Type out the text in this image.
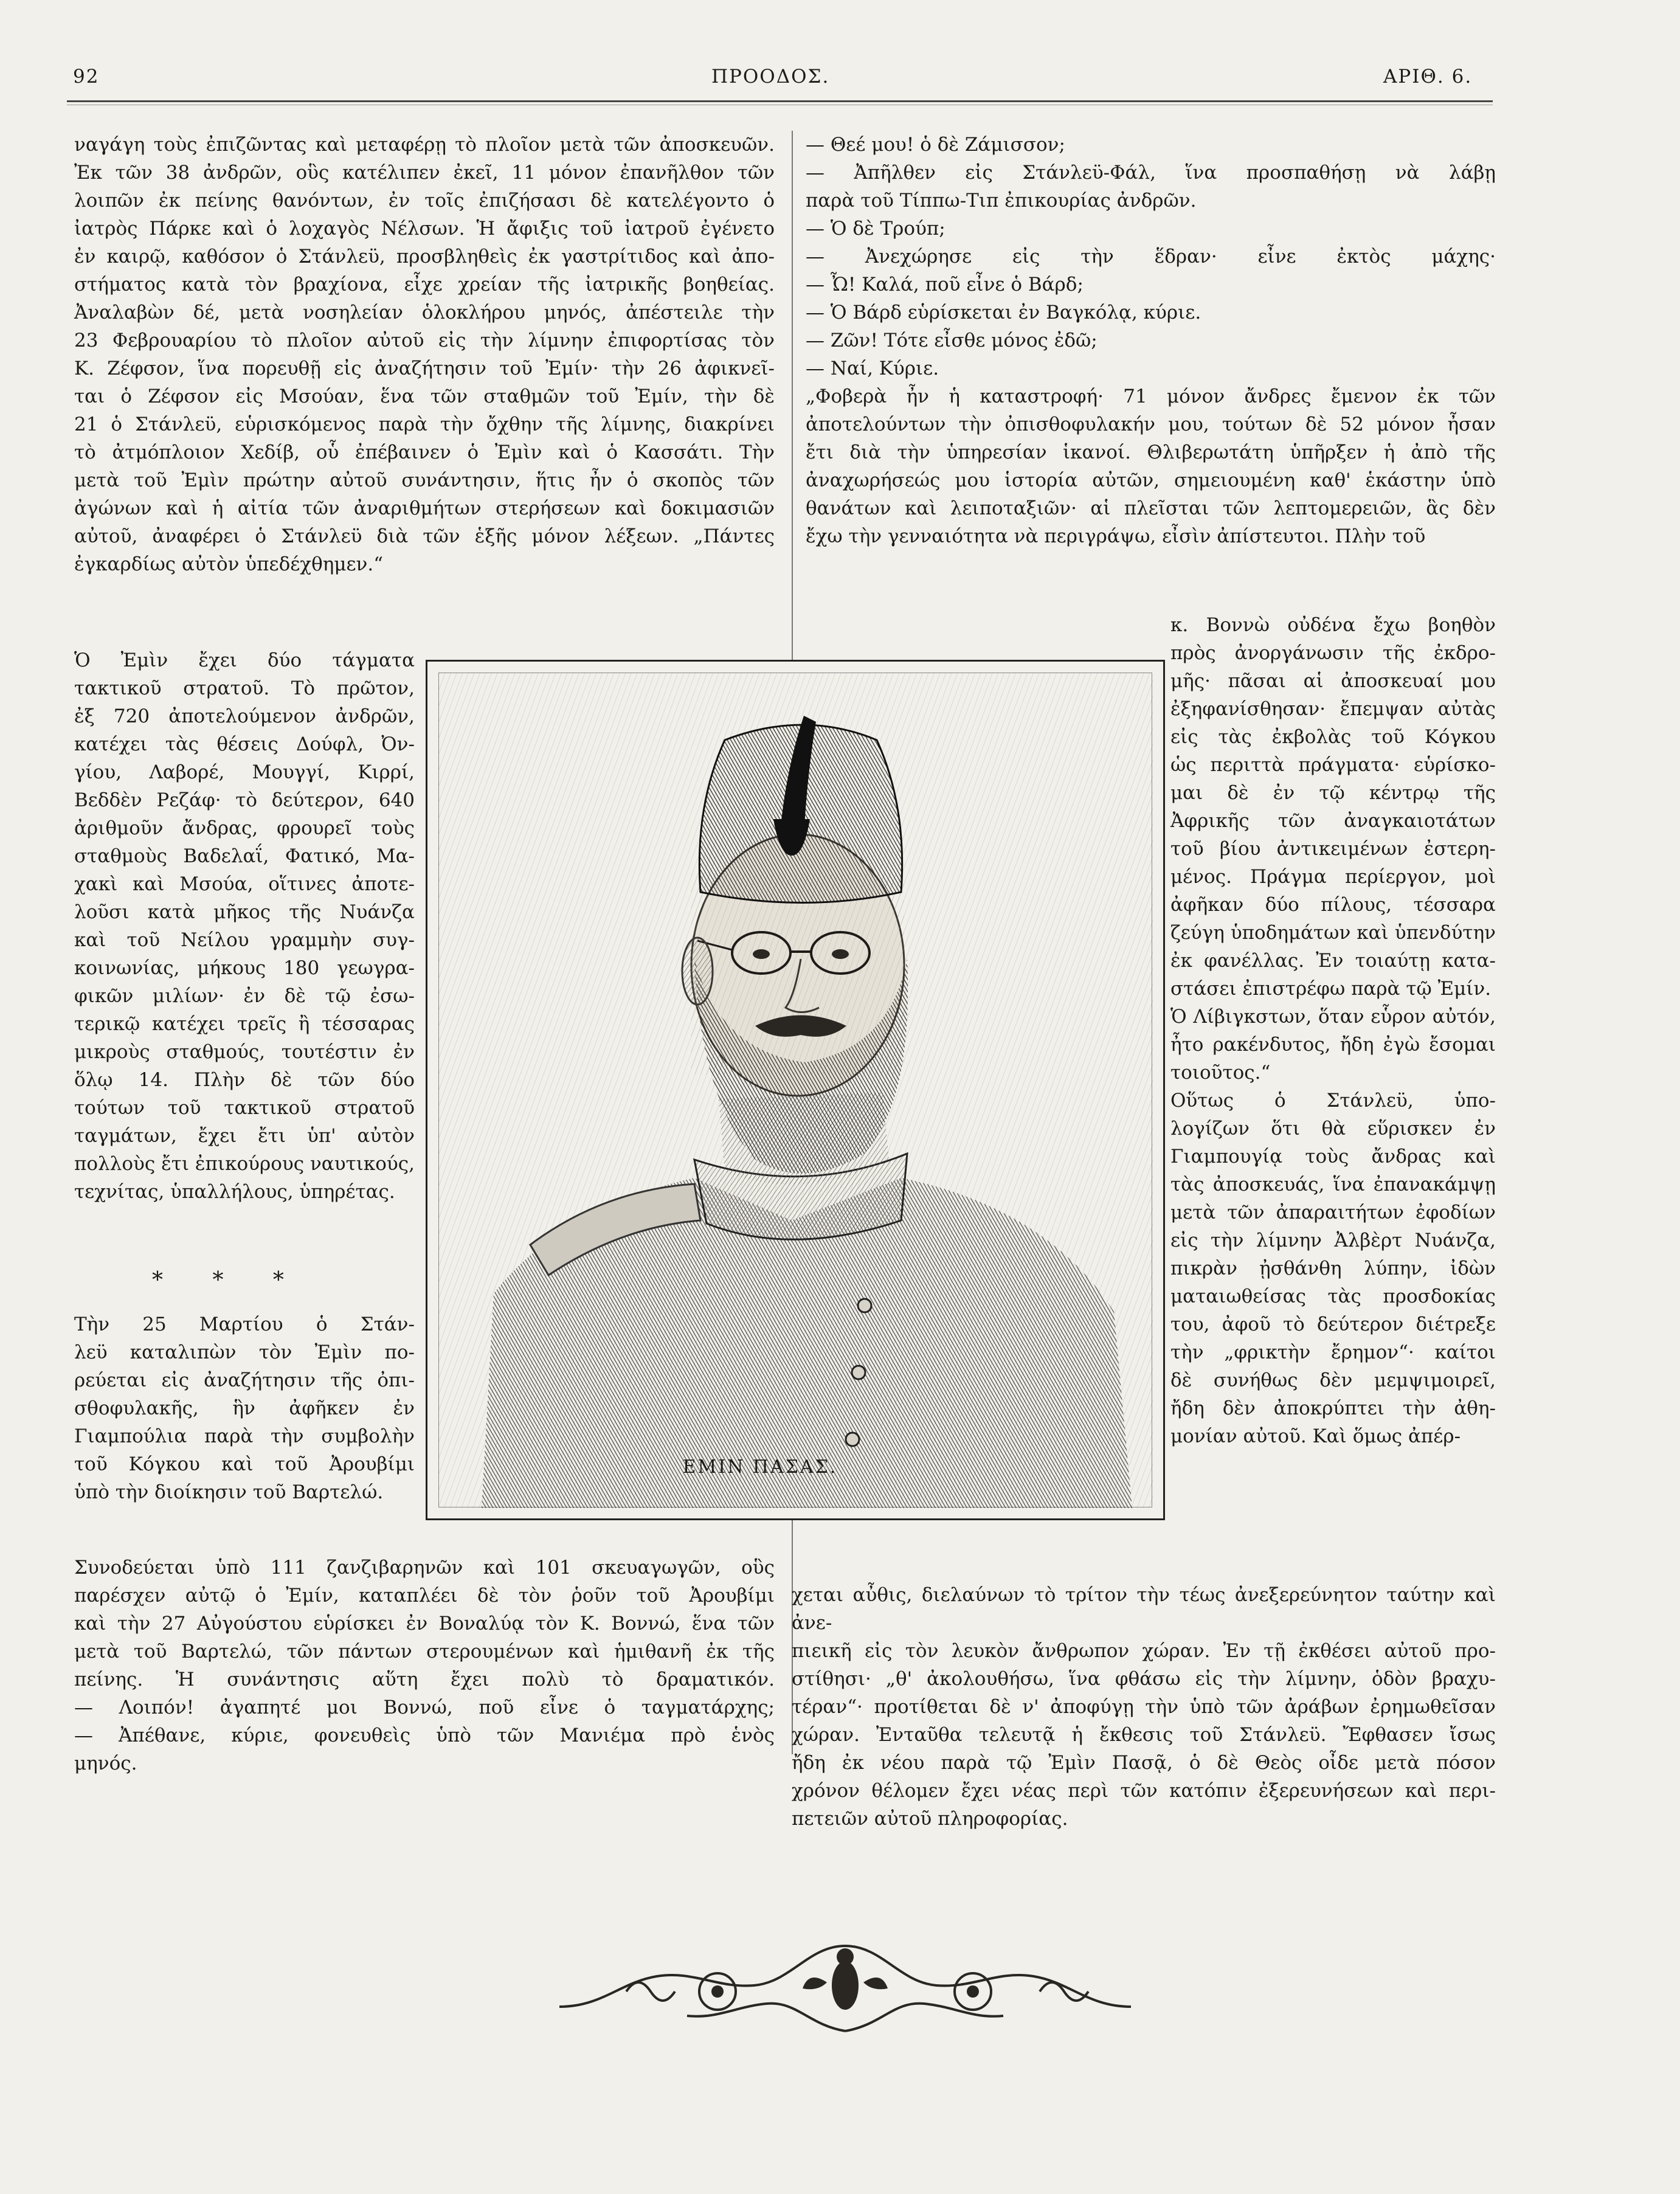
92	ΠΡΟΟΔΟΣ.	ΑΡΙΘ. 6.

ναγάγη τοὺς ἐπιζῶντας καὶ μεταφέρῃ τὸ πλοῖον μετὰ τῶν ἀποσκευῶν.

Ἐκ τῶν 38 ἀνδρῶν, οὓς κατέλιπεν ἐκεῖ, 11 μόνον ἐπανῆλθον τῶν

λοιπῶν ἐκ πείνης θανόντων, ἐν τοῖς ἐπιζήσασι δὲ κατελέγοντο ὁ

ἰατρὸς Πάρκε καὶ ὁ λοχαγὸς Νέλσων. Ἡ ἄφιξις τοῦ ἰατροῦ ἐγένετο

ἐν καιρῷ, καθόσον ὁ Στάνλεϋ, προσβληθεὶς ἐκ γαστρίτιδος καὶ ἀπο-

στήματος κατὰ τὸν βραχίονα, εἶχε χρείαν τῆς ἰατρικῆς βοηθείας.

Ἀναλαβὼν δέ, μετὰ νοσηλείαν ὁλοκλήρου μηνός, ἀπέστειλε τὴν

23 Φεβρουαρίου τὸ πλοῖον αὐτοῦ εἰς τὴν λίμνην ἐπιφορτίσας τὸν

Κ. Ζέφσον, ἵνα πορευθῇ εἰς ἀναζήτησιν τοῦ Ἐμίν· τὴν 26 ἀφικνεῖ-

ται ὁ Ζέφσον εἰς Μσούαν, ἕνα τῶν σταθμῶν τοῦ Ἐμίν, τὴν δὲ

21 ὁ Στάνλεϋ, εὑρισκόμενος παρὰ τὴν ὄχθην τῆς λίμνης, διακρίνει

τὸ ἀτμόπλοιον Χεδίβ, οὗ ἐπέβαινεν ὁ Ἐμὶν καὶ ὁ Κασσάτι. Τὴν

μετὰ τοῦ Ἐμὶν πρώτην αὐτοῦ συνάντησιν, ἥτις ἦν ὁ σκοπὸς τῶν

ἀγώνων καὶ ἡ αἰτία τῶν ἀναριθμήτων στερήσεων καὶ δοκιμασιῶν

αὐτοῦ, ἀναφέρει ὁ Στάνλεϋ διὰ τῶν ἑξῆς μόνον λέξεων. „Πάντες

ἐγκαρδίως αὐτὸν ὑπεδέχθημεν.“

Ὁ Ἐμὶν ἔχει δύο τάγματα

τακτικοῦ στρατοῦ. Τὸ πρῶτον,

ἐξ 720 ἀποτελούμενον ἀνδρῶν,

κατέχει τὰς θέσεις Δούφλ, Ὀν-

γίου, Λαβορέ, Μουγγί, Κιρρί,

Βεδδὲν Ρεζάφ· τὸ δεύτερον, 640

ἀριθμοῦν ἄνδρας, φρουρεῖ τοὺς

σταθμοὺς Βαδελαΐ, Φατικό, Μα-

χακὶ καὶ Μσούα, οἵτινες ἀποτε-

λοῦσι κατὰ μῆκος τῆς Νυάνζα

καὶ τοῦ Νείλου γραμμὴν συγ-

κοινωνίας, μήκους 180 γεωγρα-

φικῶν μιλίων· ἐν δὲ τῷ ἐσω-

τερικῷ κατέχει τρεῖς ἢ τέσσαρας

μικροὺς σταθμούς, τουτέστιν ἐν

ὅλῳ 14. Πλὴν δὲ τῶν δύο

τούτων τοῦ τακτικοῦ στρατοῦ

ταγμάτων, ἔχει ἔτι ὑπ' αὐτὸν

πολλοὺς ἔτι ἐπικούρους ναυτικούς,

τεχνίτας, ὑπαλλήλους, ὑπηρέτας.

* * *

Τὴν 25 Μαρτίου ὁ Στάν-

λεϋ καταλιπὼν τὸν Ἐμὶν πο-

ρεύεται εἰς ἀναζήτησιν τῆς ὀπι-

σθοφυλακῆς, ἣν ἀφῆκεν ἐν

Γιαμπούλια παρὰ τὴν συμβολὴν

τοῦ Κόγκου καὶ τοῦ Ἀρουβίμι

ὑπὸ τὴν διοίκησιν τοῦ Βαρτελώ.

Συνοδεύεται ὑπὸ 111 ζανζιβαρηνῶν καὶ 101 σκευαγωγῶν, οὓς

παρέσχεν αὐτῷ ὁ Ἐμίν, καταπλέει δὲ τὸν ῥοῦν τοῦ Ἀρουβίμι

καὶ τὴν 27 Αὐγούστου εὑρίσκει ἐν Βοναλύᾳ τὸν Κ. Βοννώ, ἕνα τῶν

μετὰ τοῦ Βαρτελώ, τῶν πάντων στερουμένων καὶ ἡμιθανῆ ἐκ τῆς

πείνης. Ἡ συνάντησις αὕτη ἔχει πολὺ τὸ δραματικόν.

— Λοιπόν! ἀγαπητέ μοι Βοννώ, ποῦ εἶνε ὁ ταγματάρχης;

— Ἀπέθανε, κύριε, φονευθεὶς ὑπὸ τῶν Μανιέμα πρὸ ἑνὸς

μηνός.

— Θεέ μου! ὁ δὲ Ζάμισσον;

— Ἀπῆλθεν εἰς Στάνλεϋ-Φάλ, ἵνα προσπαθήσῃ νὰ λάβῃ

παρὰ τοῦ Τίππω-Τιπ ἐπικουρίας ἀνδρῶν.

— Ὁ δὲ Τρούπ;

— Ἀνεχώρησε εἰς τὴν ἕδραν· εἶνε ἐκτὸς μάχης·

— Ὦ! Καλά, ποῦ εἶνε ὁ Βάρδ;

— Ὁ Βάρδ εὑρίσκεται ἐν Βαγκόλᾳ, κύριε.

— Ζῶν! Τότε εἶσθε μόνος ἐδῶ;

— Ναί, Κύριε.

„Φοβερὰ ἦν ἡ καταστροφή· 71 μόνον ἄνδρες ἔμενον ἐκ τῶν

ἀποτελούντων τὴν ὀπισθοφυλακήν μου, τούτων δὲ 52 μόνον ἦσαν

ἔτι διὰ τὴν ὑπηρεσίαν ἱκανοί. Θλιβερωτάτη ὑπῆρξεν ἡ ἀπὸ τῆς

ἀναχωρήσεώς μου ἱστορία αὐτῶν, σημειουμένη καθ' ἑκάστην ὑπὸ

θανάτων καὶ λειποταξιῶν· αἱ πλεῖσται τῶν λεπτομερειῶν, ἃς δὲν

ἔχω τὴν γενναιότητα νὰ περιγράψω, εἶσὶν ἀπίστευτοι. Πλὴν τοῦ

κ. Βοννὼ οὐδένα ἔχω βοηθὸν

πρὸς ἀνοργάνωσιν τῆς ἐκδρο-

μῆς· πᾶσαι αἱ ἀποσκευαί μου

ἐξηφανίσθησαν· ἔπεμψαν αὐτὰς

εἰς τὰς ἐκβολὰς τοῦ Κόγκου

ὡς περιττὰ πράγματα· εὑρίσκο-

μαι δὲ ἐν τῷ κέντρῳ τῆς

Ἀφρικῆς τῶν ἀναγκαιοτάτων

τοῦ βίου ἀντικειμένων ἐστερη-

μένος. Πράγμα περίεργον, μοὶ

ἀφῆκαν δύο πίλους, τέσσαρα

ζεύγη ὑποδημάτων καὶ ὑπενδύτην

ἐκ φανέλλας. Ἐν τοιαύτῃ κατα-

στάσει ἐπιστρέφω παρὰ τῷ Ἐμίν.

Ὁ Λίβιγκστων, ὅταν εὗρον αὐτόν,

ἦτο ρακένδυτος, ἤδη ἐγὼ ἔσομαι

τοιοῦτος.“

Οὕτως ὁ Στάνλεϋ, ὑπο-

λογίζων ὅτι θὰ εὕρισκεν ἐν

Γιαμπουγίᾳ τοὺς ἄνδρας καὶ

τὰς ἀποσκευάς, ἵνα ἐπανακάμψῃ

μετὰ τῶν ἀπαραιτήτων ἐφοδίων

εἰς τὴν λίμνην Ἀλβὲρτ Νυάνζα,

πικρὰν ᾐσθάνθη λύπην, ἰδὼν

ματαιωθείσας τὰς προσδοκίας

του, ἀφοῦ τὸ δεύτερον διέτρεξε

τὴν „φρικτὴν ἔρημον“· καίτοι

δὲ συνήθως δὲν μεμψιμοιρεῖ,

ἤδη δὲν ἀποκρύπτει τὴν ἀθη-

μονίαν αὐτοῦ. Καὶ ὅμως ἀπέρ-

χεται αὖθις, διελαύνων τὸ τρίτον τὴν τέως ἀνεξερεύνητον ταύτην καὶ ἀνε-

πιεικῆ εἰς τὸν λευκὸν ἄνθρωπον χώραν. Ἐν τῇ ἐκθέσει αὐτοῦ προ-

στίθησι· „θ' ἀκολουθήσω, ἵνα φθάσω εἰς τὴν λίμνην, ὁδὸν βραχυ-

τέραν“· προτίθεται δὲ ν' ἀποφύγῃ τὴν ὑπὸ τῶν ἀράβων ἐρημωθεῖσαν

χώραν. Ἐνταῦθα τελευτᾷ ἡ ἔκθεσις τοῦ Στάνλεϋ. Ἔφθασεν ἴσως

ἤδη ἐκ νέου παρὰ τῷ Ἐμὶν Πασᾷ, ὁ δὲ Θεὸς οἶδε μετὰ πόσον

χρόνον θέλομεν ἔχει νέας περὶ τῶν κατόπιν ἐξερευνήσεων καὶ περι-

πετειῶν αὐτοῦ πληροφορίας.

ΕΜΙΝ ΠΑΣΑΣ.
